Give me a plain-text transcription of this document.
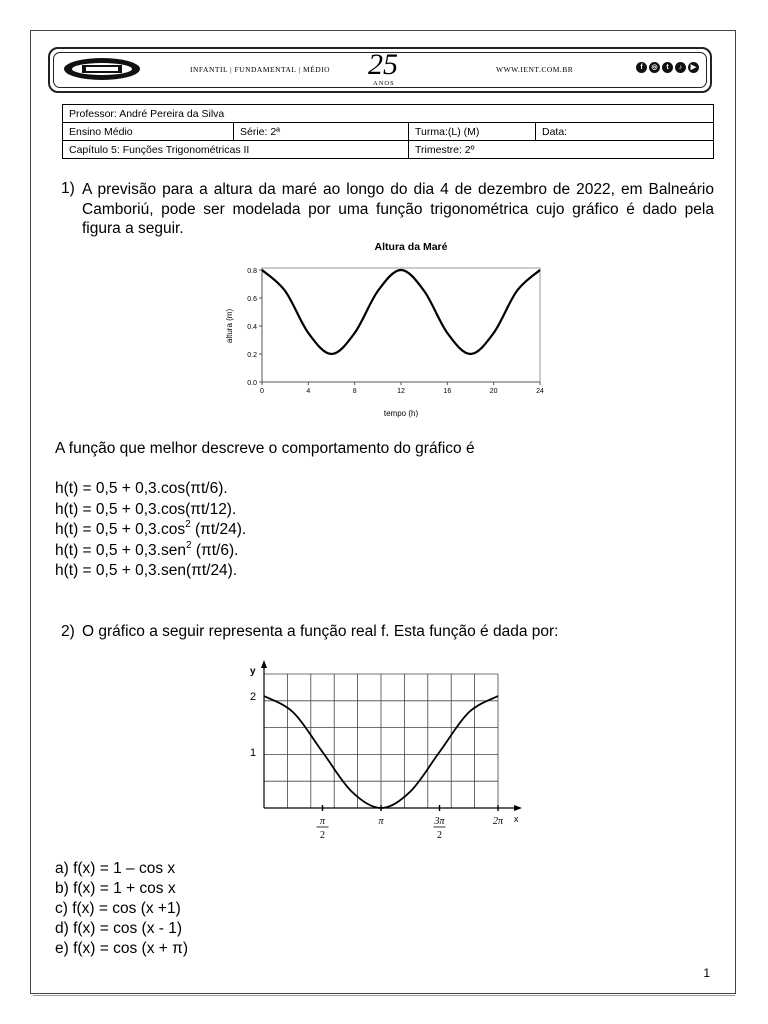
INFANTIL | FUNDAMENTAL | MÉDIO 25
ANOS
WWW.IENT.COM.BR	f	◎	t	♪	▶
Professor: André Pereira da Silva			
Ensino Médio	Série: 2ª	Turma:(L) (M)	Data:
Capítulo 5: Funções Trigonométricas II		Trimestre: 2º	
1) A previsão para a altura da maré ao longo do dia 4 de dezembro de 2022, em Balneário Camboriú, pode ser modelada por uma função trigonométrica cujo gráfico é dado pela figura a seguir.
Altura da Maré
0.0
0.2
0.4
0.6
0.8
0	4	8	12	16	20	24
tempo (h)
altura (m)
A função que melhor descreve o comportamento do gráfico é
h(t) = 0,5 + 0,3.cos(πt/6).
h(t) = 0,5 + 0,3.cos(πt/12).
$h(t) = 0,5 + 0,3.\cos^2$ (πt/24).
h(t) = 0,5 + 0,3.sen$^2$ (πt/6).
h(t) = 0,5 + 0,3.sen(πt/24).
2) O gráfico a seguir representa a função real f. Esta função é dada por:
y
x
1
2
π
2
π	3π
2
2π
a) f(x) = 1 – cos x
b) f(x) = 1 + cos x
c) f(x) = cos (x +1)
d) f(x) = cos (x - 1)
e) f(x) = cos (x + π)
1
